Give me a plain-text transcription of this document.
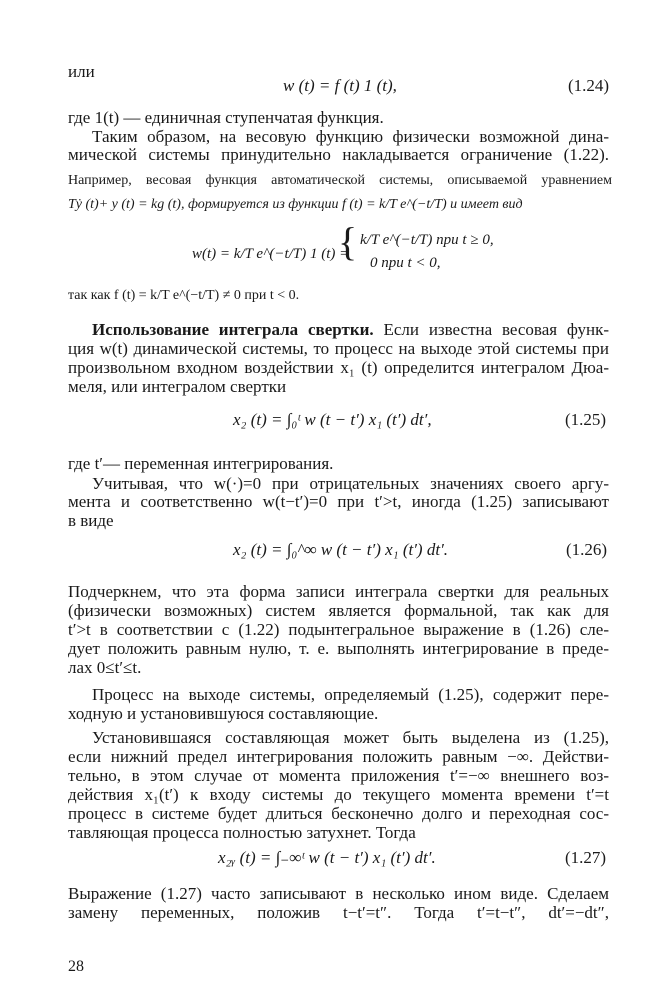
или
w (t) = f (t) 1 (t),	(1.24)
где 1(t) — единичная ступенчатая функция.
Таким образом, на весовую функцию физически возможной дина-
мической системы принудительно накладывается ограничение (1.22).
Например, весовая функция автоматической системы, описываемой уравнением
Tẏ (t)+ y (t) = kg (t), формируется из функции f (t) = k/T e^(−t/T) и имеет вид
w(t) = k/T e^(−t/T) 1 (t) =
{ k/T e^(−t/T) при t ≥ 0,
0 при t < 0,
так как f (t) = k/T e^(−t/T) ≠ 0 при t < 0.
Использование интеграла свертки. Если известна весовая функ-
ция w(t) динамической системы, то процесс на выходе этой системы при
произвольном входном воздействии x₁ (t) определится интегралом Дюа-
меля, или интегралом свертки
x₂ (t) = ∫₀ᵗ w (t − t′) x₁ (t′) dt′,	(1.25)
где t′— переменная интегрирования.
Учитывая, что w(·)=0 при отрицательных значениях своего аргу-
мента и соответственно w(t−t′)=0 при t′>t, иногда (1.25) записывают
в виде
x₂ (t) = ∫₀^∞ w (t − t′) x₁ (t′) dt′.	(1.26)
Подчеркнем, что эта форма записи интеграла свертки для реальных
(физически возможных) систем является формальной, так как для
t′>t в соответствии с (1.22) подынтегральное выражение в (1.26) сле-
дует положить равным нулю, т. е. выполнять интегрирование в преде-
лах 0≤t′≤t.
Процесс на выходе системы, определяемый (1.25), содержит пере-
ходную и установившуюся составляющие.
Установившаяся составляющая может быть выделена из (1.25),
если нижний предел интегрирования положить равным −∞. Действи-
тельно, в этом случае от момента приложения t′=−∞ внешнего воз-
действия x₁(t′) к входу системы до текущего момента времени t′=t
процесс в системе будет длиться бесконечно долго и переходная сос-
тавляющая процесса полностью затухнет. Тогда
x₂ᵧ (t) = ∫₋∞ᵗ w (t − t′) x₁ (t′) dt′.	(1.27)
Выражение (1.27) часто записывают в несколько ином виде. Сделаем
замену переменных, положив t−t′=t″. Тогда t′=t−t″, dt′=−dt″,
28
